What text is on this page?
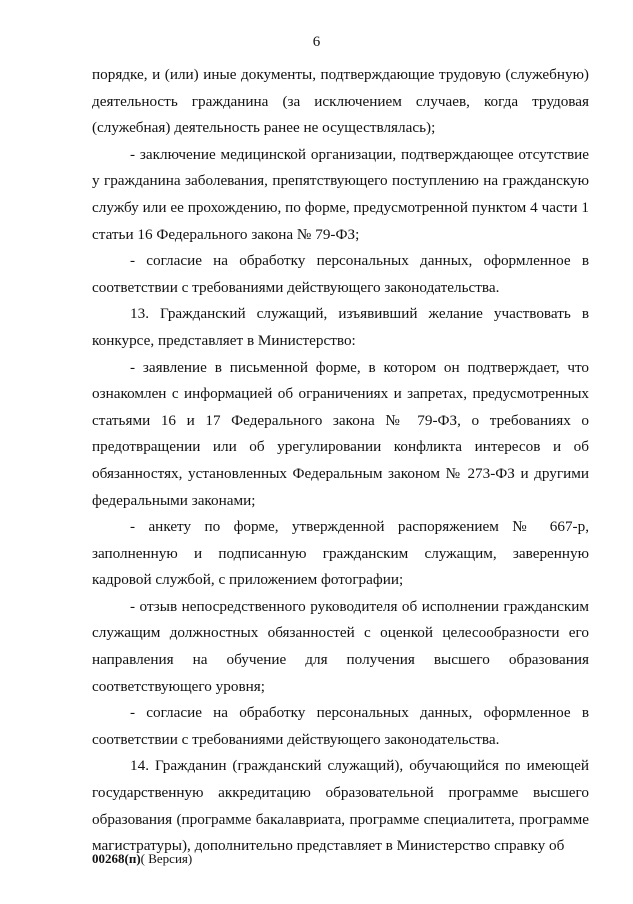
6

порядке, и (или) иные документы, подтверждающие трудовую (служебную) деятельность гражданина (за исключением случаев, когда трудовая (служебная) деятельность ранее не осуществлялась);

- заключение медицинской организации, подтверждающее отсутствие у гражданина заболевания, препятствующего поступлению на гражданскую службу или ее прохождению, по форме, предусмотренной пунктом 4 части 1 статьи 16 Федерального закона № 79-ФЗ;

- согласие на обработку персональных данных, оформленное в соответствии с требованиями действующего законодательства.

13. Гражданский служащий, изъявивший желание участвовать в конкурсе, представляет в Министерство:

- заявление в письменной форме, в котором он подтверждает, что ознакомлен с информацией об ограничениях и запретах, предусмотренных статьями 16 и 17 Федерального закона № 79-ФЗ, о требованиях о предотвращении или об урегулировании конфликта интересов и об обязанностях, установленных Федеральным законом № 273-ФЗ и другими федеральными законами;

- анкету по форме, утвержденной распоряжением № 667-р, заполненную и подписанную гражданским служащим, заверенную кадровой службой, с приложением фотографии;

- отзыв непосредственного руководителя об исполнении гражданским служащим должностных обязанностей с оценкой целесообразности его направления на обучение для получения высшего образования соответствующего уровня;

- согласие на обработку персональных данных, оформленное в соответствии с требованиями действующего законодательства.

14. Гражданин (гражданский служащий), обучающийся по имеющей государственную аккредитацию образовательной программе высшего образования (программе бакалавриата, программе специалитета, программе магистратуры), дополнительно представляет в Министерство справку об

00268(п)( Версия)
